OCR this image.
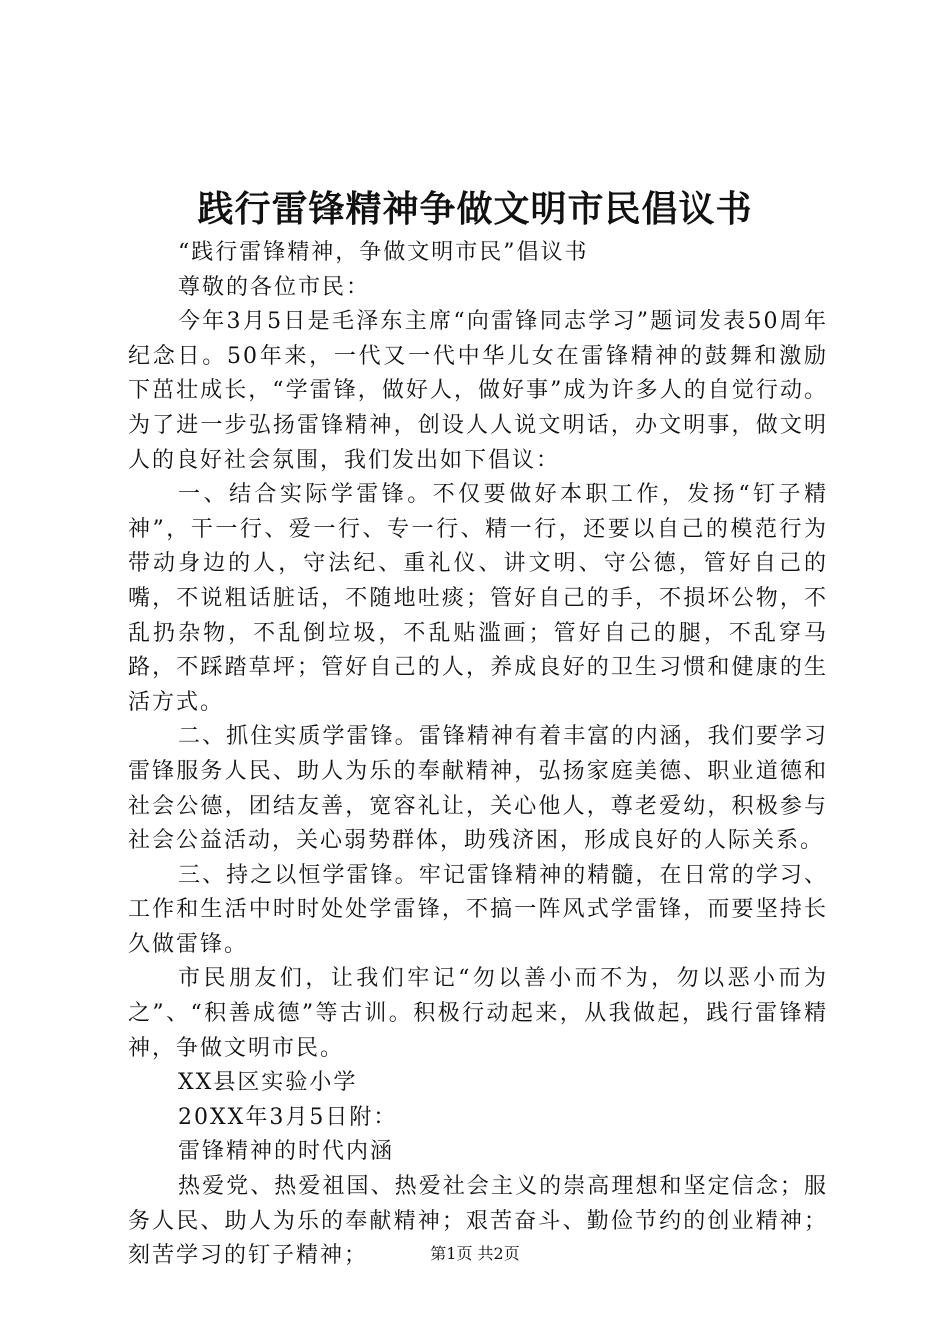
践行雷锋精神争做文明市民倡议书

“践行雷锋精神，争做文明市民”倡议书

尊敬的各位市民：

今年3月5日是毛泽东主席“向雷锋同志学习”题词发表50周年纪念日。50年来，一代又一代中华儿女在雷锋精神的鼓舞和激励下茁壮成长，“学雷锋，做好人，做好事”成为许多人的自觉行动。为了进一步弘扬雷锋精神，创设人人说文明话，办文明事，做文明人的良好社会氛围，我们发出如下倡议：

一、结合实际学雷锋。不仅要做好本职工作，发扬“钉子精神”，干一行、爱一行、专一行、精一行，还要以自己的模范行为带动身边的人，守法纪、重礼仪、讲文明、守公德，管好自己的嘴，不说粗话脏话，不随地吐痰；管好自己的手，不损坏公物，不乱扔杂物，不乱倒垃圾，不乱贴滥画；管好自己的腿，不乱穿马路，不踩踏草坪；管好自己的人，养成良好的卫生习惯和健康的生活方式。

二、抓住实质学雷锋。雷锋精神有着丰富的内涵，我们要学习雷锋服务人民、助人为乐的奉献精神，弘扬家庭美德、职业道德和社会公德，团结友善，宽容礼让，关心他人，尊老爱幼，积极参与社会公益活动，关心弱势群体，助残济困，形成良好的人际关系。

三、持之以恒学雷锋。牢记雷锋精神的精髓，在日常的学习、工作和生活中时时处处学雷锋，不搞一阵风式学雷锋，而要坚持长久做雷锋。

市民朋友们，让我们牢记“勿以善小而不为，勿以恶小而为之”、“积善成德”等古训。积极行动起来，从我做起，践行雷锋精神，争做文明市民。

XX县区实验小学

20XX年3月5日附：

雷锋精神的时代内涵

热爱党、热爱祖国、热爱社会主义的崇高理想和坚定信念；服务人民、助人为乐的奉献精神；艰苦奋斗、勤俭节约的创业精神；刻苦学习的钉子精神；	第1页 共2页
